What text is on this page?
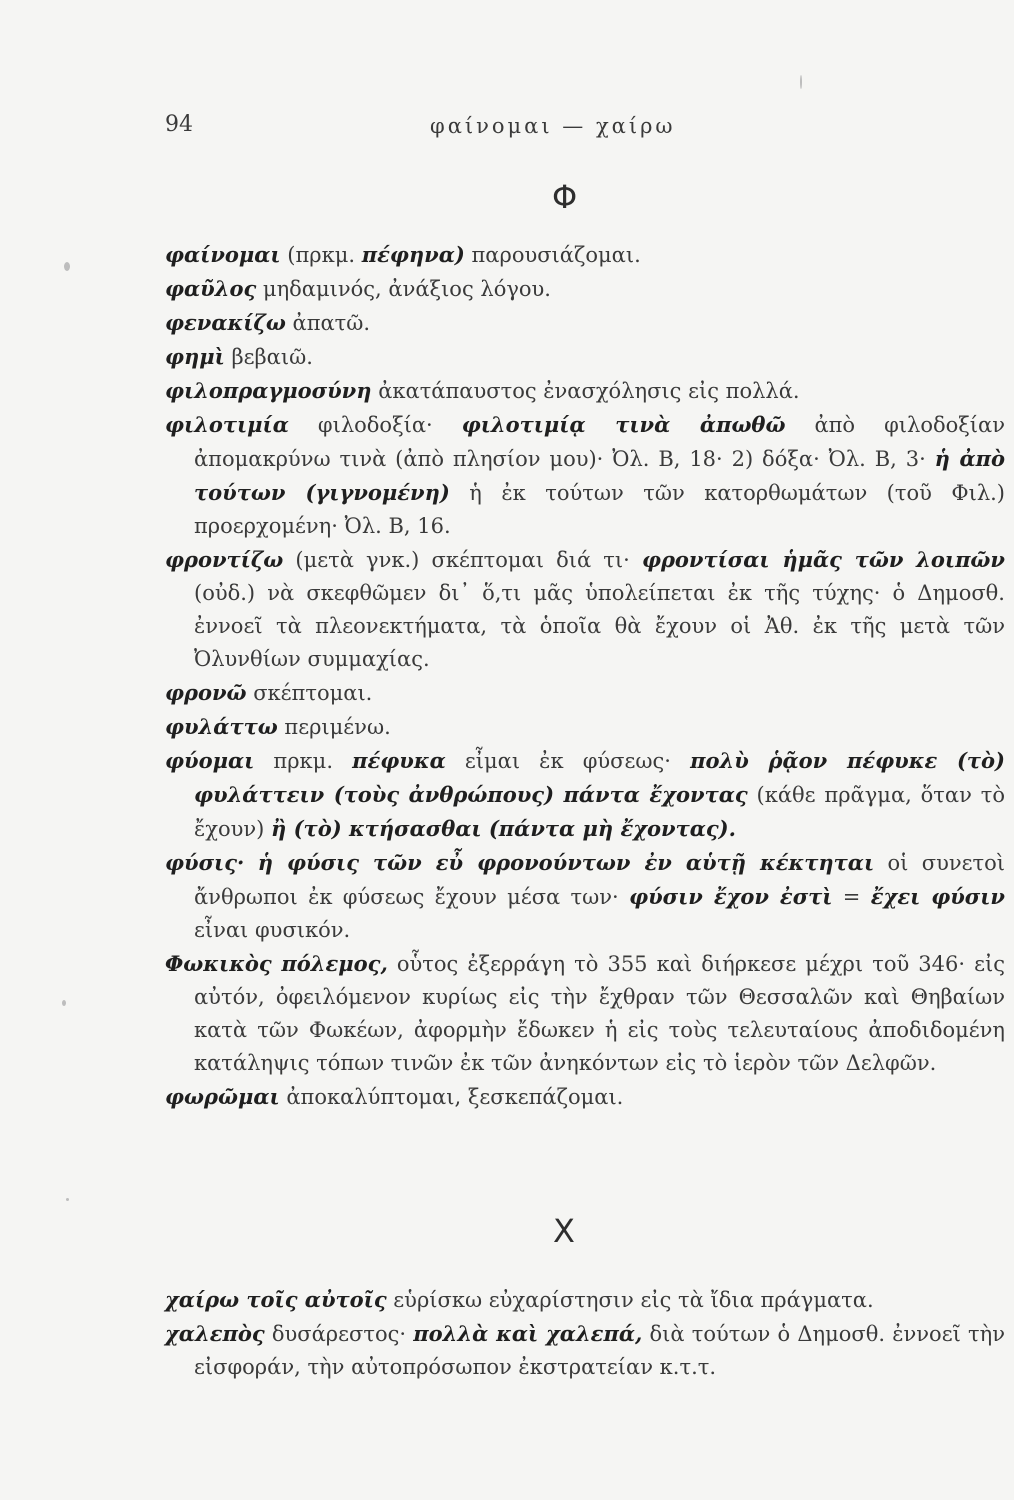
94	φαίνομαι — χαίρω
Φ

φαίνομαι (πρκμ. πέφηνα) παρουσιάζομαι.

φαῦλος μηδαμινός, ἀνάξιος λόγου.

φενακίζω ἀπατῶ.

φημὶ βεβαιῶ.

φιλοπραγμοσύνη ἀκατάπαυστος ἐνασχόλησις εἰς πολλά.

φιλοτιμία φιλοδοξία· φιλοτιμίᾳ τινὰ ἀπωθῶ ἀπὸ φιλοδοξίαν ἀπομακρύνω τινὰ (ἀπὸ πλησίον μου)· Ὀλ. Β, 18· 2) δόξα· Ὀλ. Β, 3· ἡ ἀπὸ τούτων (γιγνομένη) ἡ ἐκ τούτων τῶν κατορθωμάτων (τοῦ Φιλ.) προερχομένη· Ὀλ. Β, 16.

φροντίζω (μετὰ γνκ.) σκέπτομαι διά τι· φροντίσαι ἡμᾶς τῶν λοιπῶν (οὐδ.) νὰ σκεφθῶμεν δι᾽ ὅ,τι μᾶς ὑπολείπεται ἐκ τῆς τύχης· ὁ Δημοσθ. ἐννοεῖ τὰ πλεονεκτήματα, τὰ ὁποῖα θὰ ἔχουν οἱ Ἀθ. ἐκ τῆς μετὰ τῶν Ὀλυνθίων συμμαχίας.

φρονῶ σκέπτομαι.

φυλάττω περιμένω.

φύομαι πρκμ. πέφυκα εἶμαι ἐκ φύσεως· πολὺ ῥᾷον πέφυκε (τὸ) φυλάττειν (τοὺς ἀνθρώπους) πάντα ἔχοντας (κάθε πρᾶγμα, ὅταν τὸ ἔχουν) ἢ (τὸ) κτήσασθαι (πάντα μὴ ἔχοντας).

φύσις· ἡ φύσις τῶν εὖ φρονούντων ἐν αὑτῇ κέκτηται οἱ συνετοὶ ἄνθρωποι ἐκ φύσεως ἔχουν μέσα των· φύσιν ἔχον ἐστὶ = ἔχει φύσιν εἶναι φυσικόν.

Φωκικὸς πόλεμος, οὗτος ἐξερράγη τὸ 355 καὶ διήρκεσε μέχρι τοῦ 346· εἰς αὐτόν, ὀφειλόμενον κυρίως εἰς τὴν ἔχθραν τῶν Θεσσαλῶν καὶ Θηβαίων κατὰ τῶν Φωκέων, ἀφορμὴν ἔδωκεν ἡ εἰς τοὺς τελευταίους ἀποδιδομένη κατάληψις τόπων τινῶν ἐκ τῶν ἀνηκόντων εἰς τὸ ἱερὸν τῶν Δελφῶν.

φωρῶμαι ἀποκαλύπτομαι, ξεσκεπάζομαι.

Χ

χαίρω τοῖς αὐτοῖς εὑρίσκω εὐχαρίστησιν εἰς τὰ ἴδια πράγματα.

χαλεπὸς δυσάρεστος· πολλὰ καὶ χαλεπά, διὰ τούτων ὁ Δημοσθ. ἐννοεῖ τὴν εἰσφοράν, τὴν αὐτοπρόσωπον ἐκστρατείαν κ.τ.τ.
